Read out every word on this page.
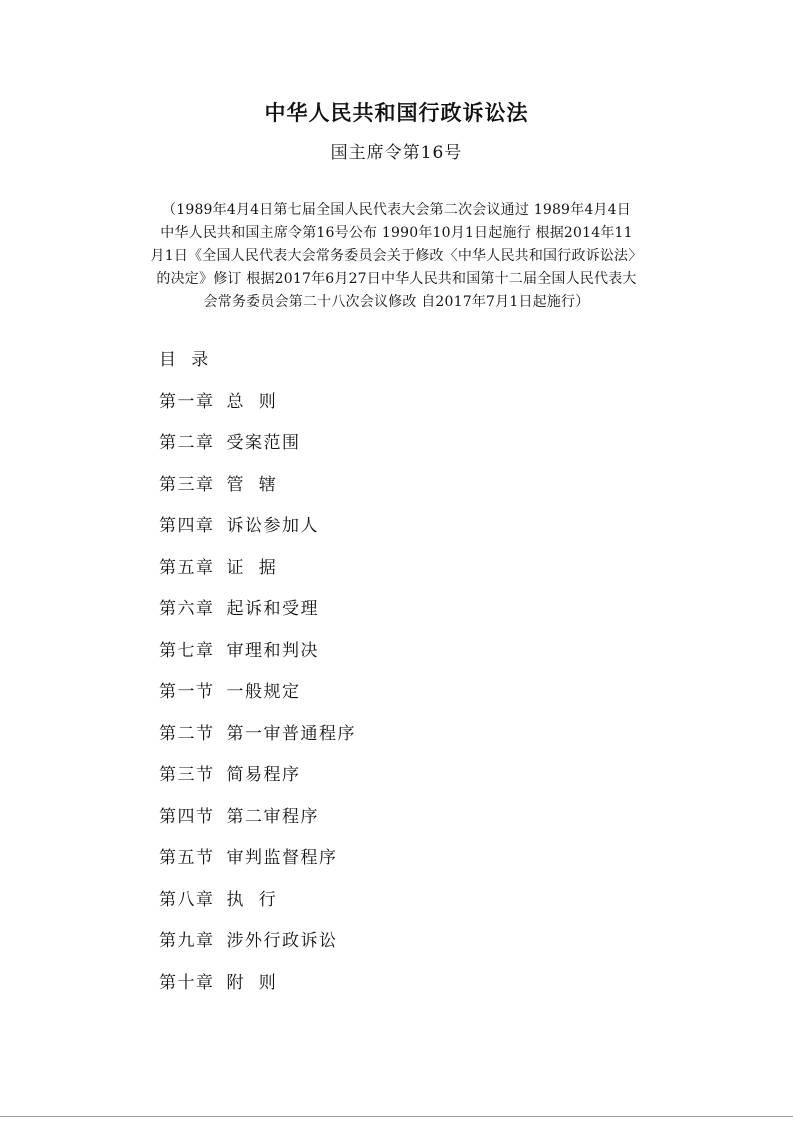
中华人民共和国行政诉讼法
国主席令第16号
（1989年4月4日第七届全国人民代表大会第二次会议通过 1989年4月4日
中华人民共和国主席令第16号公布 1990年10月1日起施行 根据2014年11
月1日《全国人民代表大会常务委员会关于修改〈中华人民共和国行政诉讼法〉
的决定》修订 根据2017年6月27日中华人民共和国第十二届全国人民代表大
会常务委员会第二十八次会议修改 自2017年7月1日起施行）
目  录
第一章 总  则
第二章 受案范围
第三章 管  辖
第四章 诉讼参加人
第五章 证  据
第六章 起诉和受理
第七章 审理和判决
第一节 一般规定
第二节 第一审普通程序
第三节 简易程序
第四节 第二审程序
第五节 审判监督程序
第八章 执  行
第九章 涉外行政诉讼
第十章 附  则
